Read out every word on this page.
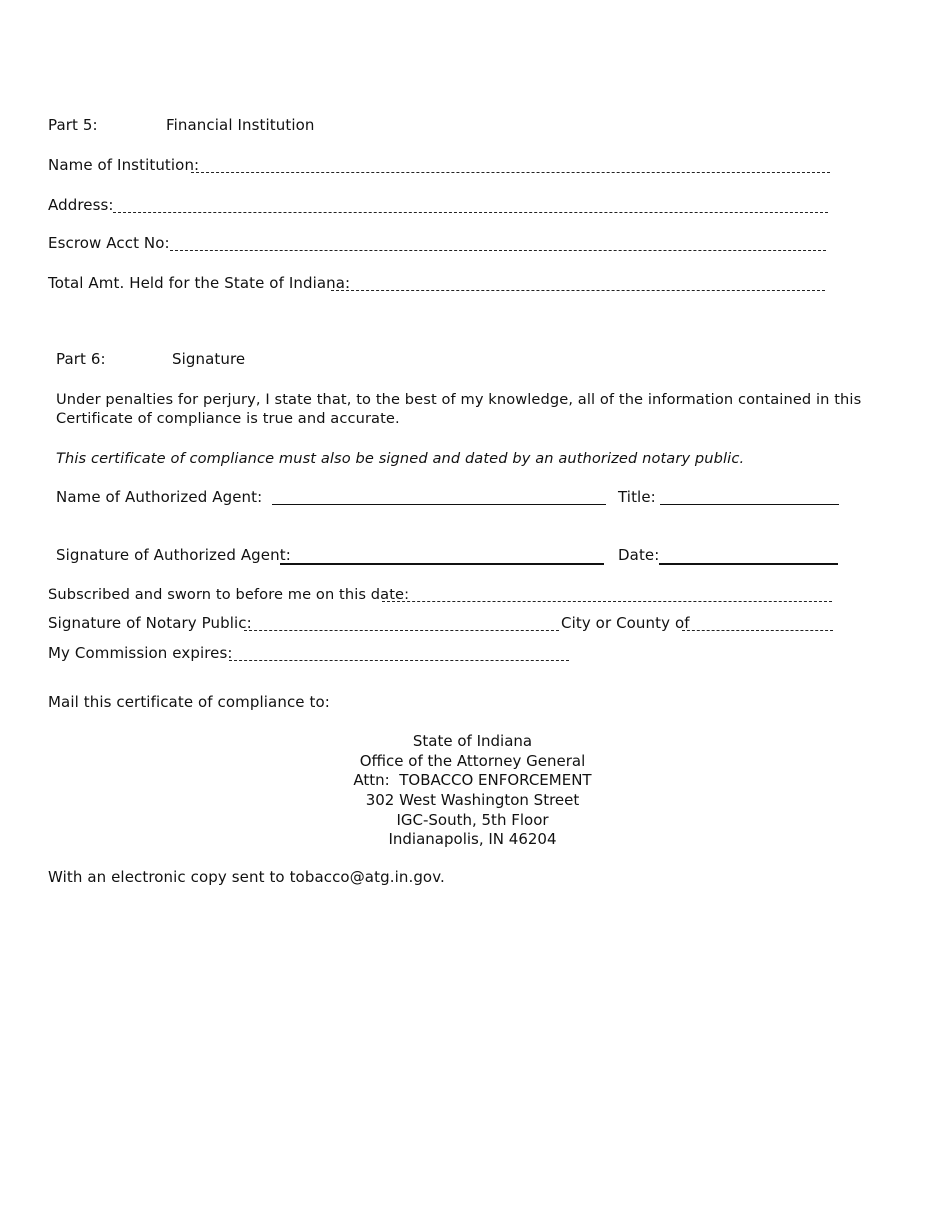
Part 5:	Financial Institution
Name of Institution:
Address:
Escrow Acct No:
Total Amt. Held for the State of Indiana:
Part 6:	Signature
Under penalties for perjury, I state that, to the best of my knowledge, all of the information contained in this
Certificate of compliance is true and accurate.
This certificate of compliance must also be signed and dated by an authorized notary public.
Name of Authorized Agent:	Title:
Signature of Authorized Agent:	Date:
Subscribed and sworn to before me on this date:
Signature of Notary Public:	City or County of
My Commission expires:
Mail this certificate of compliance to:
State of Indiana
Office of the Attorney General
Attn:  TOBACCO ENFORCEMENT
302 West Washington Street
IGC-South, 5th Floor
Indianapolis, IN 46204
With an electronic copy sent to tobacco@atg.in.gov.
